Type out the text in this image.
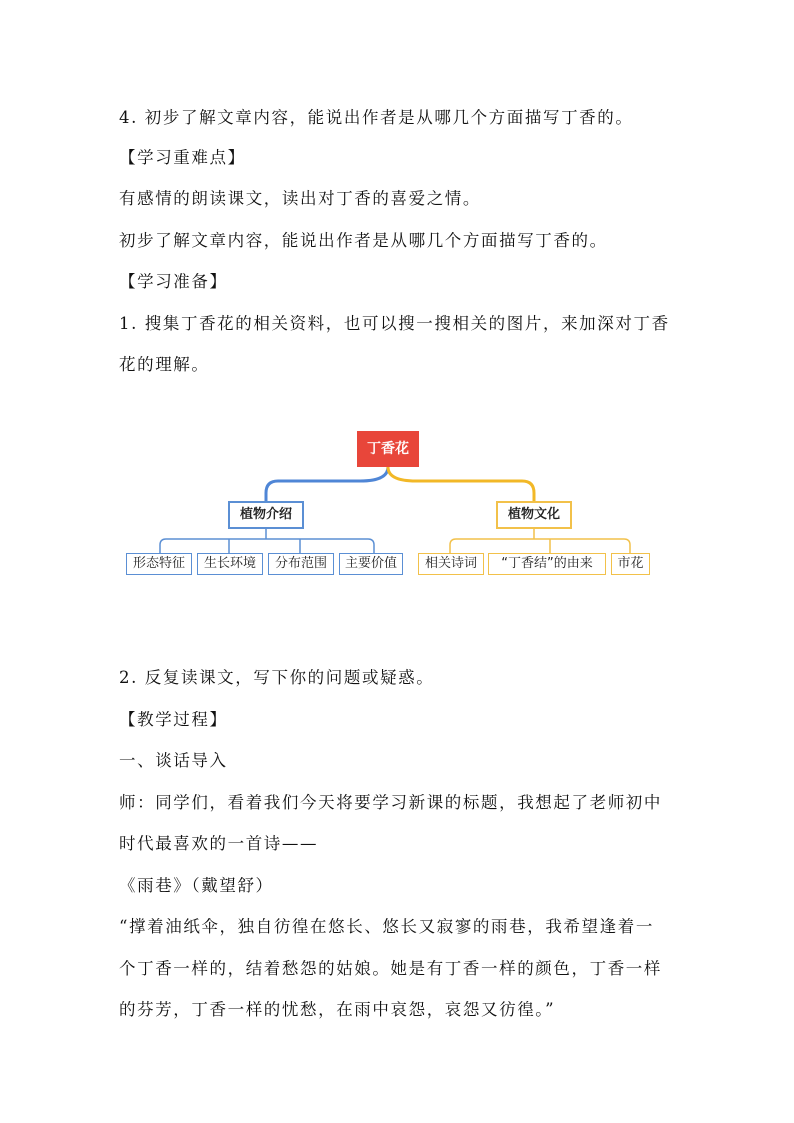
4. 初步了解文章内容，能说出作者是从哪几个方面描写丁香的。
【学习重难点】
有感情的朗读课文，读出对丁香的喜爱之情。
初步了解文章内容，能说出作者是从哪几个方面描写丁香的。
【学习准备】
1. 搜集丁香花的相关资料，也可以搜一搜相关的图片，来加深对丁香
花的理解。
丁香花
植物介绍	植物文化
形态特征	生长环境	分布范围	主要价值	相关诗词	“丁香结”的由来	市花
2. 反复读课文，写下你的问题或疑惑。
【教学过程】
一、谈话导入
师：同学们，看着我们今天将要学习新课的标题，我想起了老师初中
时代最喜欢的一首诗——
《雨巷》（戴望舒）
“撑着油纸伞，独自彷徨在悠长、悠长又寂寥的雨巷，我希望逢着一
个丁香一样的，结着愁怨的姑娘。她是有丁香一样的颜色，丁香一样
的芬芳，丁香一样的忧愁，在雨中哀怨，哀怨又彷徨。”
